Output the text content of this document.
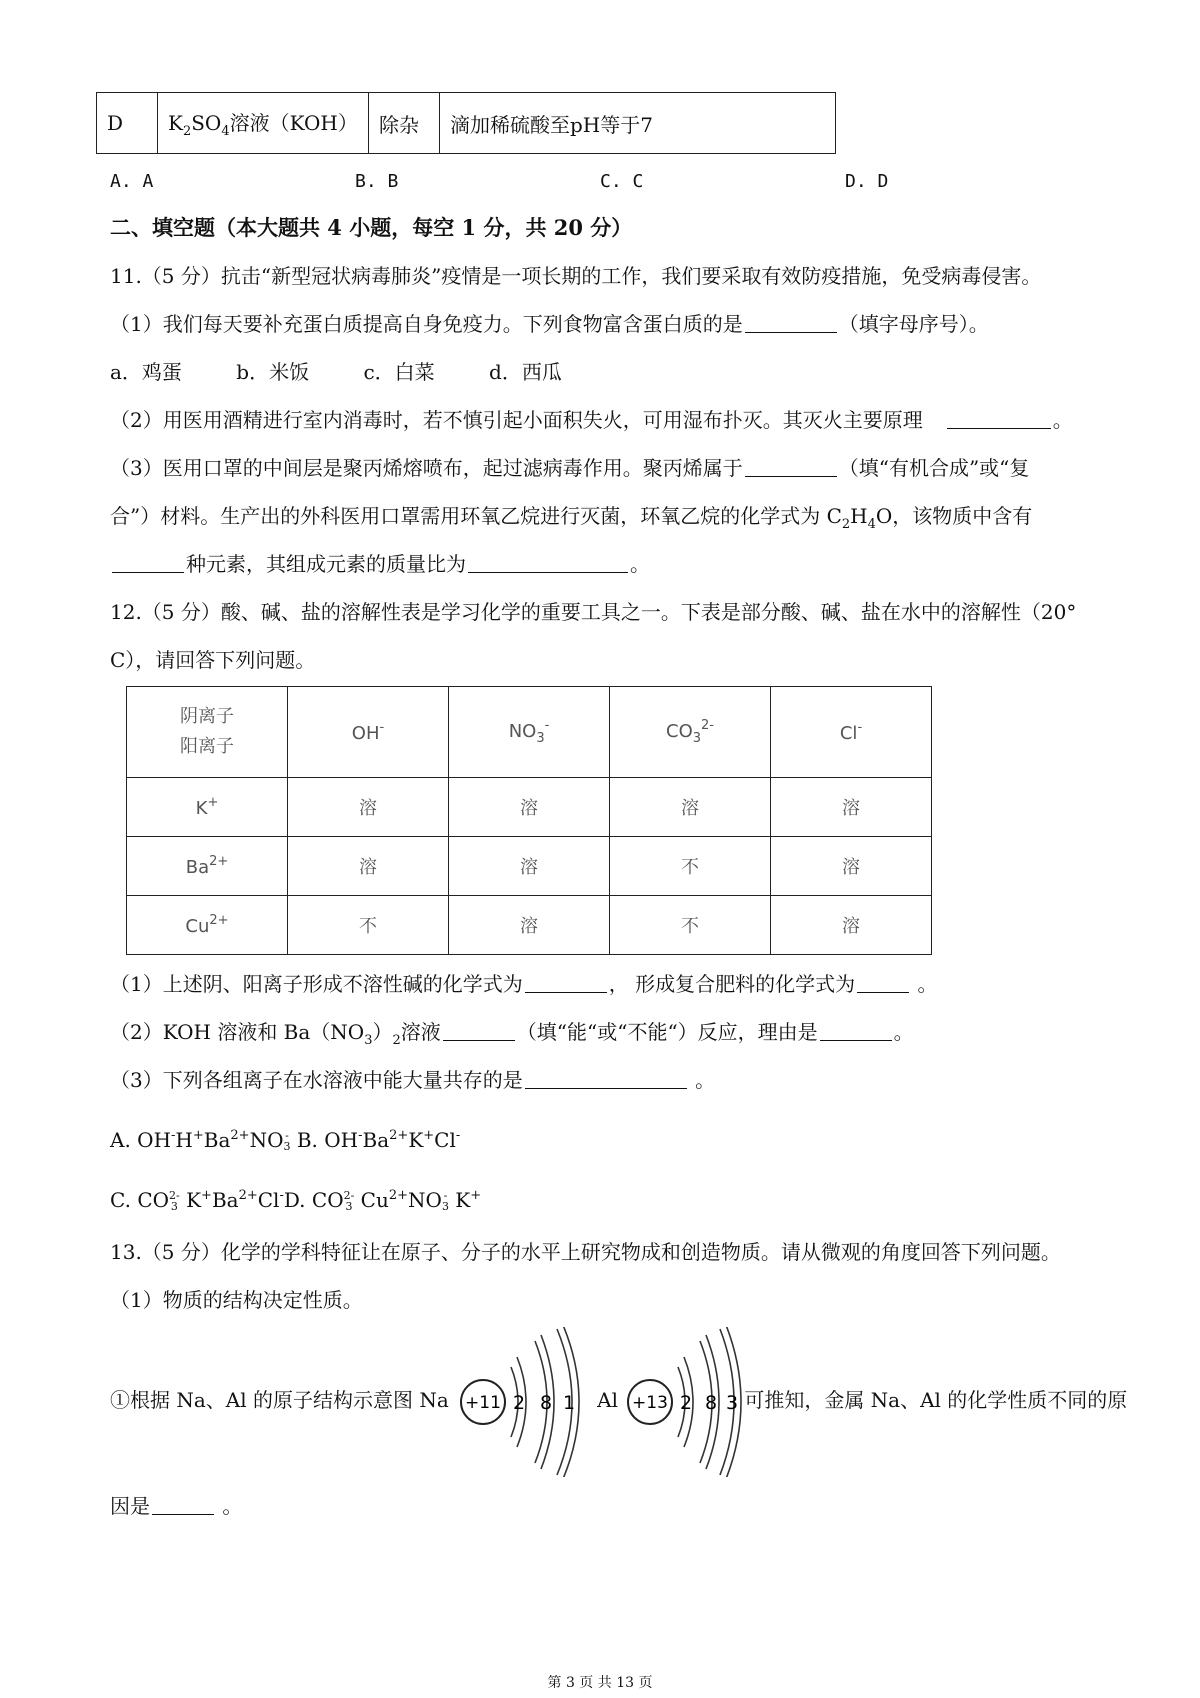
D	$K_2SO_4$溶液（KOH）	除杂	滴加稀硫酸至pH等于7
A. A	B. B	C. C	D. D
二、填空题（本大题共 4 小题，每空 1 分，共 20 分）
11.（5 分）抗击“新型冠状病毒肺炎”疫情是一项长期的工作，我们要采取有效防疫措施，免受病毒侵害。
（1）我们每天要补充蛋白质提高自身免疫力。下列食物富含蛋白质的是	（填字母序号）。
a．鸡蛋	b．米饭	c．白菜	d．西瓜
（2）用医用酒精进行室内消毒时，若不慎引起小面积失火，可用湿布扑灭。其灭火主要原理	。
（3）医用口罩的中间层是聚丙烯熔喷布，起过滤病毒作用。聚丙烯属于	（填“有机合成”或“复
合”）材料。生产出的外科医用口罩需用环氧乙烷进行灭菌，环氧乙烷的化学式为 $C_2H_4O$，该物质中含有
种元素，其组成元素的质量比为	。
12.（5 分）酸、碱、盐的溶解性表是学习化学的重要工具之一。下表是部分酸、碱、盐在水中的溶解性（20°
C），请回答下列问题。
阴离子
阳离子	OH-	$NO_3^-$	$CO_3^{2-}$	Cl-
K+	溶	溶	溶	溶
$Ba^{2+}$	溶	溶	不	溶
$Cu^{2+}$	不	溶	不	溶
（1）上述阴、阳离子形成不溶性碱的化学式为	， 形成复合肥料的化学式为	。
（2）KOH 溶液和 $Ba(NO_3)_2$溶液	（填“能“或“不能“）反应，理由是	。
（3）下列各组离子在水溶液中能大量共存的是	。
A. $OH^-H^+Ba^{2+}NO$ -
3 B. $OH^-Ba^{2+}K^+Cl^-$
C. CO 2-
3 $K^+Ba^{2+}Cl^-D$. CO 2-
3 $Cu^{2+}NO$ -
3 K+
13.（5 分）化学的学科特征让在原子、分子的水平上研究物成和创造物质。请从微观的角度回答下列问题。
（1）物质的结构决定性质。
①根据 Na、Al 的原子结构示意图 Na +11 2 8 1 Al +13 2 8 3 可推知，金属 Na、Al 的化学性质不同的原
因是	。
第 3 页 共 13 页
